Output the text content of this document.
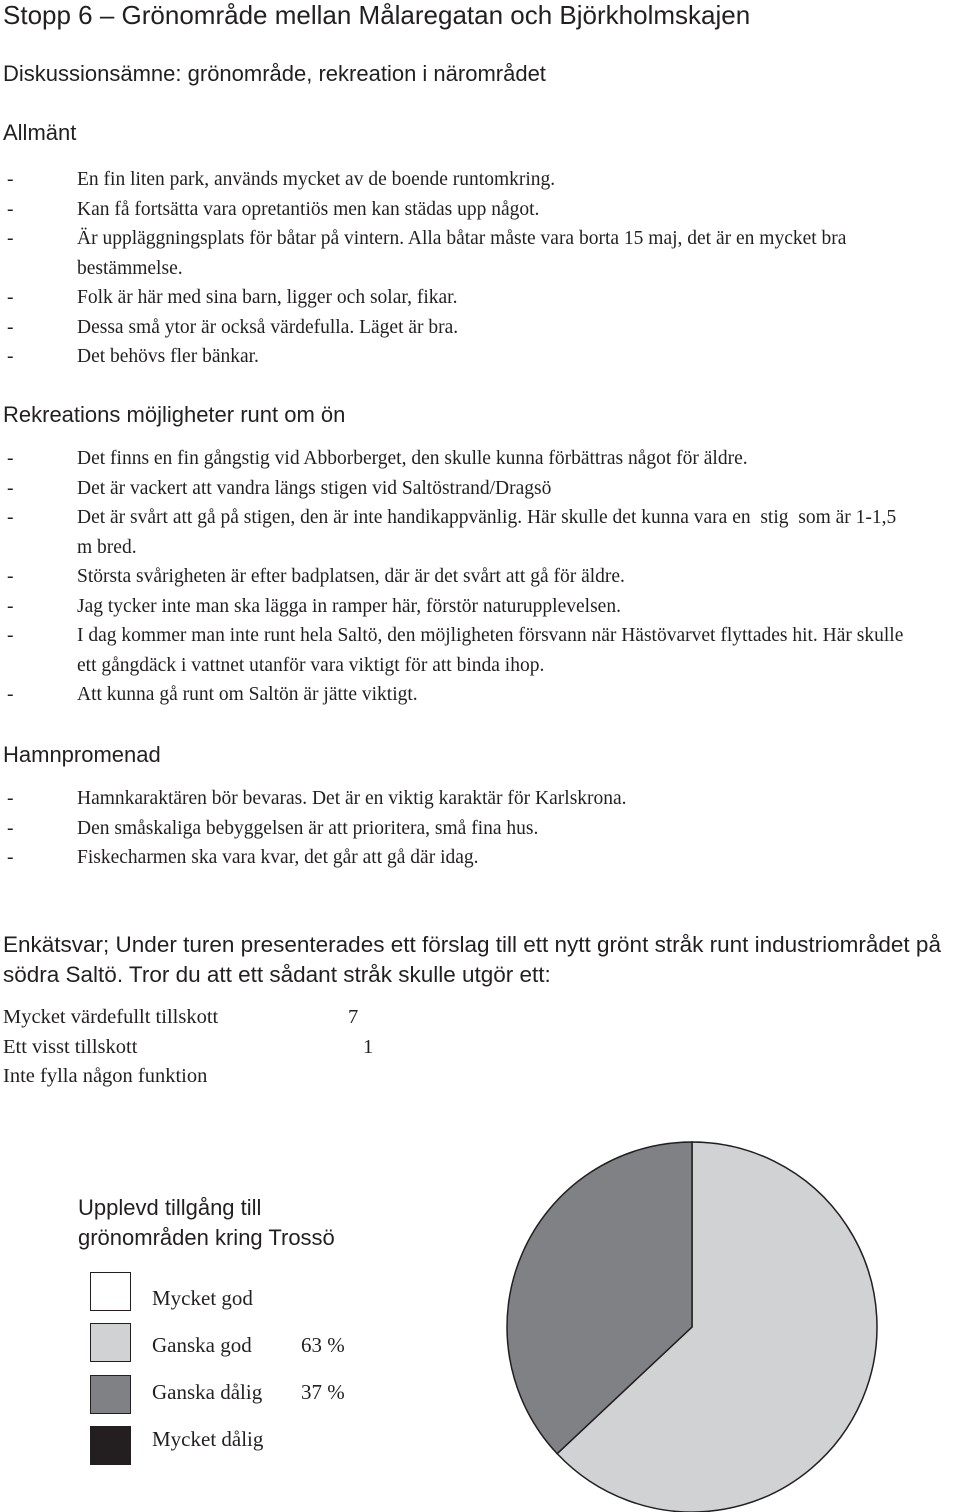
Stopp 6 – Grönområde mellan Målaregatan och Björkholmskajen
Diskussionsämne: grönområde, rekreation i närområdet
Allmänt
-	En fin liten park, används mycket av de boende runtomkring.
-	Kan få fortsätta vara opretantiös men kan städas upp något.
-	Är uppläggningsplats för båtar på vintern. Alla båtar måste vara borta 15 maj, det är en mycket bra bestämmelse.
-	Folk är här med sina barn, ligger och solar, fikar.
-	Dessa små ytor är också värdefulla. Läget är bra.
-	Det behövs fler bänkar.
Rekreations möjligheter runt om ön
-	Det finns en fin gångstig vid Abborberget, den skulle kunna förbättras något för äldre.
-	Det är vackert att vandra längs stigen vid Saltöstrand/Dragsö
-	Det är svårt att gå på stigen, den är inte handikappvänlig. Här skulle det kunna vara en  stig  som är 1-1,5 m bred.
-	Största svårigheten är efter badplatsen, där är det svårt att gå för äldre.
-	Jag tycker inte man ska lägga in ramper här, förstör naturupplevelsen.
-	I dag kommer man inte runt hela Saltö, den möjligheten försvann när Hästövarvet flyttades hit. Här skulle ett gångdäck i vattnet utanför vara viktigt för att binda ihop.
-	Att kunna gå runt om Saltön är jätte viktigt.
Hamnpromenad
-	Hamnkaraktären bör bevaras. Det är en viktig karaktär för Karlskrona.
-	Den småskaliga bebyggelsen är att prioritera, små fina hus.
-	Fiskecharmen ska vara kvar, det går att gå där idag.
Enkätsvar; Under turen presenterades ett förslag till ett nytt grönt stråk runt industriområdet på södra Saltö. Tror du att ett sådant stråk skulle utgör ett:
Mycket värdefullt tillskott	7
Ett visst tillskott	1
Inte fylla någon funktion
Upplevd tillgång till
grönområden kring Trossö
Mycket god
Ganska god 63 %
Ganska dålig 37 %
Mycket dålig
